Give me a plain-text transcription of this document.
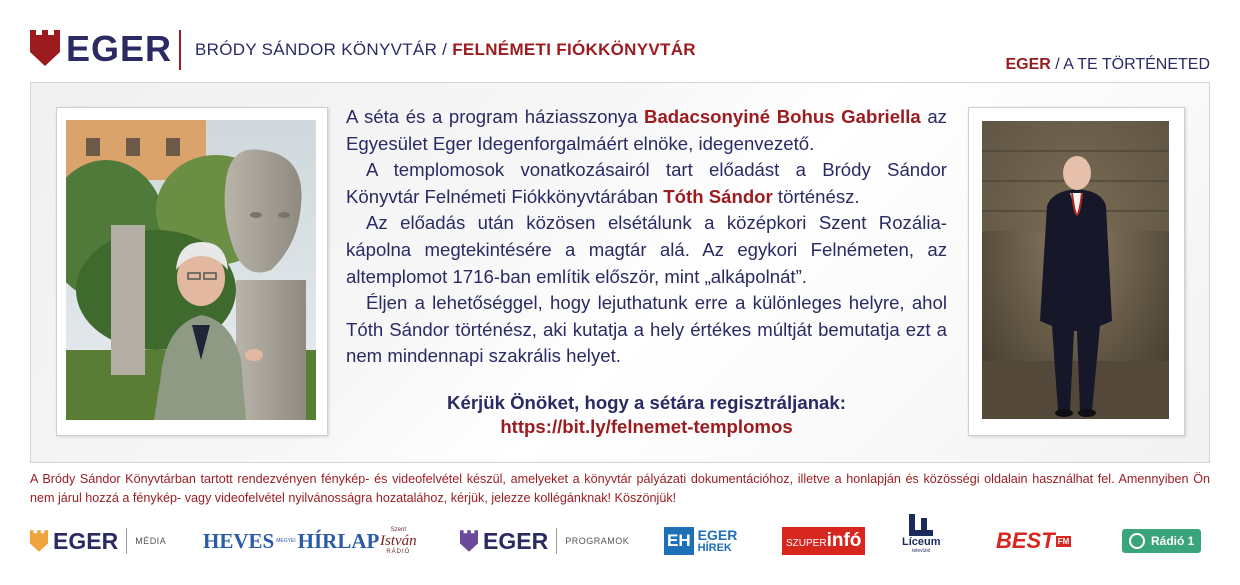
EGER BRÓDY SÁNDOR KÖNYVTÁR / FELNÉMETI FIÓKKÖNYVTÁR
EGER / A TE TÖRTÉNETED

A séta és a program háziasszonya Badacsonyiné Bohus Gabriella az Egyesület Eger Idegenforgalmáért elnöke, idegenvezető.

A templomosok vonatkozásairól tart előadást a Bródy Sándor Könyvtár Felnémeti Fiókkönyvtárában Tóth Sándor történész.

Az előadás után közösen elsétálunk a középkori Szent Rozália-kápolna megtekintésére a magtár alá. Az egykori Felnémeten, az altemplomot 1716-ban említik először, mint „alkápolnát”.

Éljen a lehetőséggel, hogy lejuthatunk erre a különleges helyre, ahol Tóth Sándor történész, aki kutatja a hely értékes múltját bemutatja ezt a nem mindennapi szakrális helyet.

Kérjük Önöket, hogy a sétára regisztráljanak:
https://bit.ly/felnemet-templomos
A Bródy Sándor Könyvtárban tartott rendezvényen fénykép- és videofelvétel készül, amelyeket a könyvtár pályázati dokumentációhoz, illetve a honlapján és közösségi oldalain használhat fel. Amennyiben Ön nem járul hozzá a fénykép- vagy videofelvétel nyilvánosságra hozatalához, kérjük, jelezze kollégánknak! Köszönjük!
EGER MÉDIA HEVES MEGYEI HÍRLAP Szent
István
RÁDIÓ	EGER PROGRAMOK EH EGER
HÍREK	SZUPER infó	Líceum
televízió	BEST FM	Rádió 1
